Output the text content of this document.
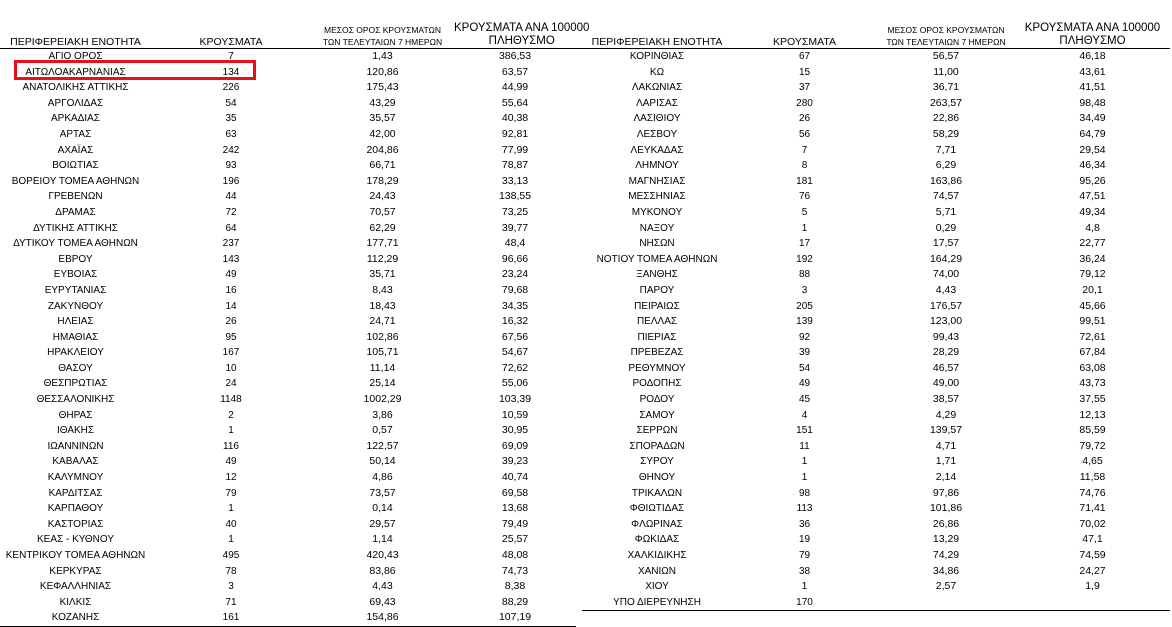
ΠΕΡΙΦΕΡΕΙΑΚΗ ΕΝΟΤΗΤΑ	ΚΡΟΥΣΜΑΤΑ	ΜΕΣΟΣ ΟΡΟΣ ΚΡΟΥΣΜΑΤΩΝ
ΤΩΝ ΤΕΛΕΥΤΑΙΩΝ 7 ΗΜΕΡΩΝ	ΚΡΟΥΣΜΑΤΑ ΑΝΑ 100000
ΠΛΗΘΥΣΜΟ	ΠΕΡΙΦΕΡΕΙΑΚΗ ΕΝΟΤΗΤΑ	ΚΡΟΥΣΜΑΤΑ	ΜΕΣΟΣ ΟΡΟΣ ΚΡΟΥΣΜΑΤΩΝ
ΤΩΝ ΤΕΛΕΥΤΑΙΩΝ 7 ΗΜΕΡΩΝ	ΚΡΟΥΣΜΑΤΑ ΑΝΑ 100000
ΠΛΗΘΥΣΜΟ
ΑΓΙΟ ΟΡΟΣ	7	1,43	386,53
ΑΙΤΩΛΟΑΚΑΡΝΑΝΙΑΣ	134	120,86	63,57
ΑΝΑΤΟΛΙΚΗΣ ΑΤΤΙΚΗΣ	226	175,43	44,99
ΑΡΓΟΛΙΔΑΣ	54	43,29	55,64
ΑΡΚΑΔΙΑΣ	35	35,57	40,38
ΑΡΤΑΣ	63	42,00	92,81
ΑΧΑΪΑΣ	242	204,86	77,99
ΒΟΙΩΤΙΑΣ	93	66,71	78,87
ΒΟΡΕΙΟΥ ΤΟΜΕΑ ΑΘΗΝΩΝ	196	178,29	33,13
ΓΡΕΒΕΝΩΝ	44	24,43	138,55
ΔΡΑΜΑΣ	72	70,57	73,25
ΔΥΤΙΚΗΣ ΑΤΤΙΚΗΣ	64	62,29	39,77
ΔΥΤΙΚΟΥ ΤΟΜΕΑ ΑΘΗΝΩΝ	237	177,71	48,4
ΕΒΡΟΥ	143	112,29	96,66
ΕΥΒΟΙΑΣ	49	35,71	23,24
ΕΥΡΥΤΑΝΙΑΣ	16	8,43	79,68
ΖΑΚΥΝΘΟΥ	14	18,43	34,35
ΗΛΕΙΑΣ	26	24,71	16,32
ΗΜΑΘΙΑΣ	95	102,86	67,56
ΗΡΑΚΛΕΙΟΥ	167	105,71	54,67
ΘΑΣΟΥ	10	11,14	72,62
ΘΕΣΠΡΩΤΙΑΣ	24	25,14	55,06
ΘΕΣΣΑΛΟΝΙΚΗΣ	1148	1002,29	103,39
ΘΗΡΑΣ	2	3,86	10,59
ΙΘΑΚΗΣ	1	0,57	30,95
ΙΩΑΝΝΙΝΩΝ	116	122,57	69,09
ΚΑΒΑΛΑΣ	49	50,14	39,23
ΚΑΛΥΜΝΟΥ	12	4,86	40,74
ΚΑΡΔΙΤΣΑΣ	79	73,57	69,58
ΚΑΡΠΑΘΟΥ	1	0,14	13,68
ΚΑΣΤΟΡΙΑΣ	40	29,57	79,49
ΚΕΑΣ - ΚΥΘΝΟΥ	1	1,14	25,57
ΚΕΝΤΡΙΚΟΥ ΤΟΜΕΑ ΑΘΗΝΩΝ	495	420,43	48,08
ΚΕΡΚΥΡΑΣ	78	83,86	74,73
ΚΕΦΑΛΛΗΝΙΑΣ	3	4,43	8,38
ΚΙΛΚΙΣ	71	69,43	88,29
ΚΟΖΑΝΗΣ	161	154,86	107,19
ΚΟΡΙΝΘΙΑΣ	67	56,57	46,18
ΚΩ	15	11,00	43,61
ΛΑΚΩΝΙΑΣ	37	36,71	41,51
ΛΑΡΙΣΑΣ	280	263,57	98,48
ΛΑΣΙΘΙΟΥ	26	22,86	34,49
ΛΕΣΒΟΥ	56	58,29	64,79
ΛΕΥΚΑΔΑΣ	7	7,71	29,54
ΛΗΜΝΟΥ	8	6,29	46,34
ΜΑΓΝΗΣΙΑΣ	181	163,86	95,26
ΜΕΣΣΗΝΙΑΣ	76	74,57	47,51
ΜΥΚΟΝΟΥ	5	5,71	49,34
ΝΑΞΟΥ	1	0,29	4,8
ΝΗΣΩΝ	17	17,57	22,77
ΝΟΤΙΟΥ ΤΟΜΕΑ ΑΘΗΝΩΝ	192	164,29	36,24
ΞΑΝΘΗΣ	88	74,00	79,12
ΠΑΡΟΥ	3	4,43	20,1
ΠΕΙΡΑΙΩΣ	205	176,57	45,66
ΠΕΛΛΑΣ	139	123,00	99,51
ΠΙΕΡΙΑΣ	92	99,43	72,61
ΠΡΕΒΕΖΑΣ	39	28,29	67,84
ΡΕΘΥΜΝΟΥ	54	46,57	63,08
ΡΟΔΟΠΗΣ	49	49,00	43,73
ΡΟΔΟΥ	45	38,57	37,55
ΣΑΜΟΥ	4	4,29	12,13
ΣΕΡΡΩΝ	151	139,57	85,59
ΣΠΟΡΑΔΩΝ	11	4,71	79,72
ΣΥΡΟΥ	1	1,71	4,65
ΘΗΝΟΥ	1	2,14	11,58
ΤΡΙΚΑΛΩΝ	98	97,86	74,76
ΦΘΙΩΤΙΔΑΣ	113	101,86	71,41
ΦΛΩΡΙΝΑΣ	36	26,86	70,02
ΦΩΚΙΔΑΣ	19	13,29	47,1
ΧΑΛΚΙΔΙΚΗΣ	79	74,29	74,59
ΧΑΝΙΩΝ	38	34,86	24,27
ΧΙΟΥ	1	2,57	1,9
ΥΠΟ ΔΙΕΡΕΥΝΗΣΗ	170		
